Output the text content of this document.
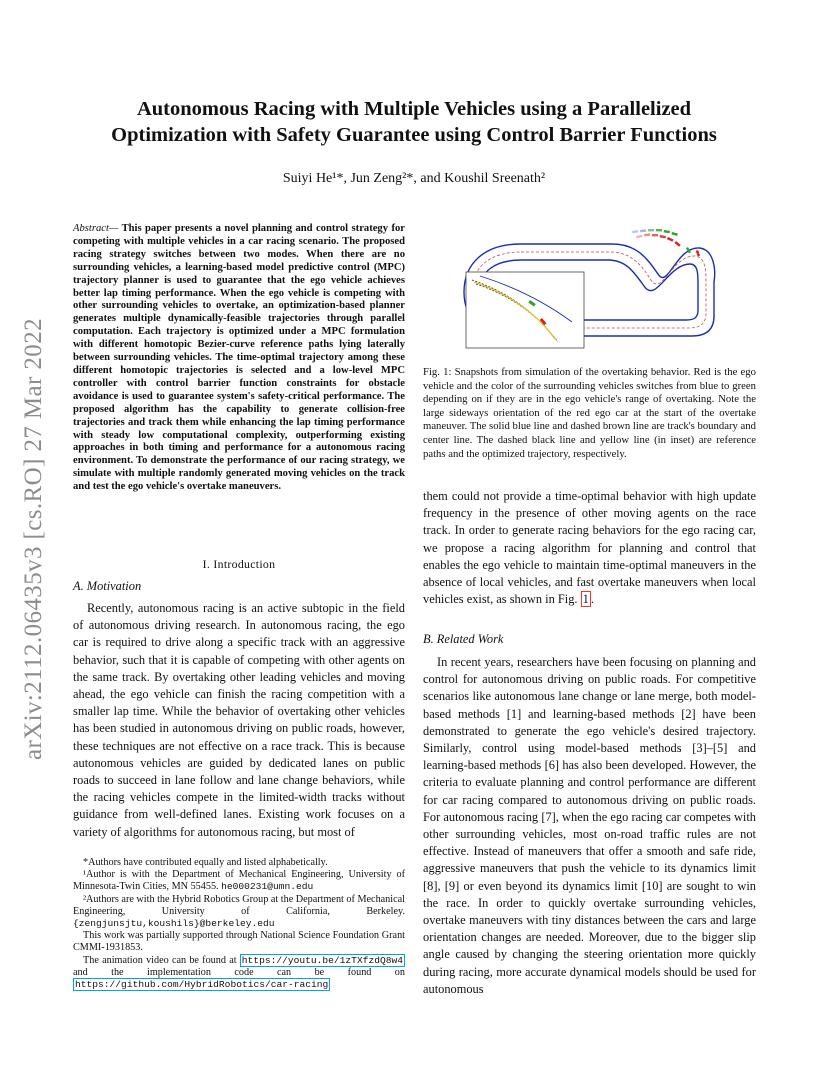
arXiv:2112.06435v3 [cs.RO] 27 Mar 2022
Autonomous Racing with Multiple Vehicles using a Parallelized
Optimization with Safety Guarantee using Control Barrier Functions
Suiyi He¹*, Jun Zeng²*, and Koushil Sreenath²
Abstract— This paper presents a novel planning and control strategy for competing with multiple vehicles in a car racing scenario. The proposed racing strategy switches between two modes. When there are no surrounding vehicles, a learning-based model predictive control (MPC) trajectory planner is used to guarantee that the ego vehicle achieves better lap timing performance. When the ego vehicle is competing with other surrounding vehicles to overtake, an optimization-based planner generates multiple dynamically-feasible trajectories through parallel computation. Each trajectory is optimized under a MPC formulation with different homotopic Bezier-curve reference paths lying laterally between surrounding vehicles. The time-optimal trajectory among these different homotopic trajectories is selected and a low-level MPC controller with control barrier function constraints for obstacle avoidance is used to guarantee system's safety-critical performance. The proposed algorithm has the capability to generate collision-free trajectories and track them while enhancing the lap timing performance with steady low computational complexity, outperforming existing approaches in both timing and performance for a autonomous racing environment. To demonstrate the performance of our racing strategy, we simulate with multiple randomly generated moving vehicles on the track and test the ego vehicle's overtake maneuvers.
I. Introduction
A. Motivation

Recently, autonomous racing is an active subtopic in the field of autonomous driving research. In autonomous racing, the ego car is required to drive along a specific track with an aggressive behavior, such that it is capable of competing with other agents on the same track. By overtaking other leading vehicles and moving ahead, the ego vehicle can finish the racing competition with a smaller lap time. While the behavior of overtaking other vehicles has been studied in autonomous driving on public roads, however, these techniques are not effective on a race track. This is because autonomous vehicles are guided by dedicated lanes on public roads to succeed in lane follow and lane change behaviors, while the racing vehicles compete in the limited-width tracks without guidance from well-defined lanes. Existing work focuses on a variety of algorithms for autonomous racing, but most of

*Authors have contributed equally and listed alphabetically.

¹Author is with the Department of Mechanical Engineering, University of Minnesota-Twin Cities, MN 55455. he000231@umn.edu

²Authors are with the Hybrid Robotics Group at the Department of Mechanical Engineering, University of California, Berkeley. {zengjunsjtu,koushils}@berkeley.edu

This work was partially supported through National Science Foundation Grant CMMI-1931853.

The animation video can be found at https://youtu.be/1zTXfzdQ8w4 and the implementation code can be found on https://github.com/HybridRobotics/car-racing

Fig. 1: Snapshots from simulation of the overtaking behavior. Red is the ego vehicle and the color of the surrounding vehicles switches from blue to green depending on if they are in the ego vehicle's range of overtaking. Note the large sideways orientation of the red ego car at the start of the overtake maneuver. The solid blue line and dashed brown line are track's boundary and center line. The dashed black line and yellow line (in inset) are reference paths and the optimized trajectory, respectively.
them could not provide a time-optimal behavior with high update frequency in the presence of other moving agents on the race track. In order to generate racing behaviors for the ego racing car, we propose a racing algorithm for planning and control that enables the ego vehicle to maintain time-optimal maneuvers in the absence of local vehicles, and fast overtake maneuvers when local vehicles exist, as shown in Fig. 1 .
B. Related Work

In recent years, researchers have been focusing on planning and control for autonomous driving on public roads. For competitive scenarios like autonomous lane change or lane merge, both model-based methods [1] and learning-based methods [2] have been demonstrated to generate the ego vehicle's desired trajectory. Similarly, control using model-based methods [3]–[5] and learning-based methods [6] has also been developed. However, the criteria to evaluate planning and control performance are different for car racing compared to autonomous driving on public roads. For autonomous racing [7], when the ego racing car competes with other surrounding vehicles, most on-road traffic rules are not effective. Instead of maneuvers that offer a smooth and safe ride, aggressive maneuvers that push the vehicle to its dynamics limit [8], [9] or even beyond its dynamics limit [10] are sought to win the race. In order to quickly overtake surrounding vehicles, overtake maneuvers with tiny distances between the cars and large orientation changes are needed. Moreover, due to the bigger slip angle caused by changing the steering orientation more quickly during racing, more accurate dynamical models should be used for autonomous
